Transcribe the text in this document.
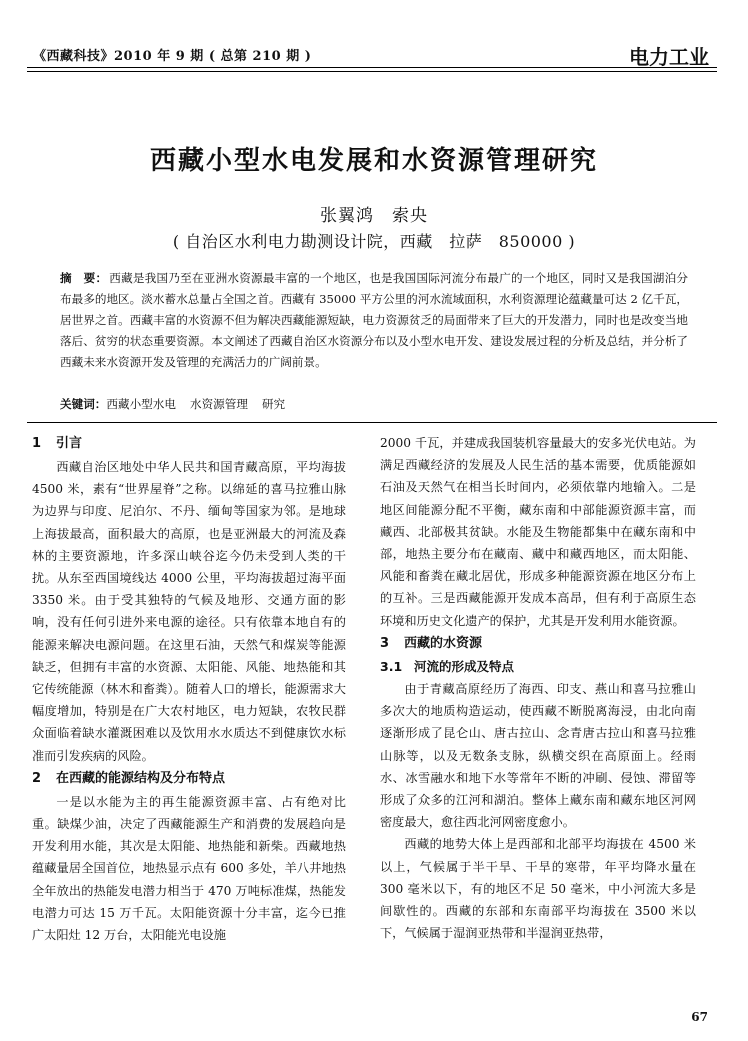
《西藏科技》2010 年 9 期 ( 总第 210 期 )	电力工业
西藏小型水电发展和水资源管理研究
张翼鸿　索央
( 自治区水利电力勘测设计院，西藏　拉萨　850000 )
摘　要： 西藏是我国乃至在亚洲水资源最丰富的一个地区，也是我国国际河流分布最广的一个地区，同时又是我国湖泊分布最多的地区。淡水蓄水总量占全国之首。西藏有 35000 平方公里的河水流域面积，水利资源理论蕴藏量可达 2 亿千瓦，居世界之首。西藏丰富的水资源不但为解决西藏能源短缺，电力资源贫乏的局面带来了巨大的开发潜力，同时也是改变当地落后、贫穷的状态重要资源。本文阐述了西藏自治区水资源分布以及小型水电开发、建设发展过程的分析及总结，并分析了西藏未来水资源开发及管理的充满活力的广阔前景。
关键词：西藏小型水电 水资源管理 研究
1 引言

西藏自治区地处中华人民共和国青藏高原，平均海拔 4500 米，素有“世界屋脊”之称。以绵延的喜马拉雅山脉为边界与印度、尼泊尔、不丹、缅甸等国家为邻。是地球上海拔最高，面积最大的高原，也是亚洲最大的河流及森林的主要资源地，许多深山峡谷迄今仍未受到人类的干扰。从东至西国境线达 4000 公里，平均海拔超过海平面 3350 米。由于受其独特的气候及地形、交通方面的影响，没有任何引进外来电源的途径。只有依靠本地自有的能源来解决电源问题。在这里石油，天然气和煤炭等能源缺乏，但拥有丰富的水资源、太阳能、风能、地热能和其它传统能源（林木和畜粪）。随着人口的增长，能源需求大幅度增加，特别是在广大农村地区，电力短缺，农牧民群众面临着缺水灌溉困难以及饮用水水质达不到健康饮水标准而引发疾病的风险。

2 在西藏的能源结构及分布特点

一是以水能为主的再生能源资源丰富、占有绝对比重。缺煤少油，决定了西藏能源生产和消费的发展趋向是开发利用水能，其次是太阳能、地热能和新柴。西藏地热蕴藏量居全国首位，地热显示点有 600 多处，羊八井地热全年放出的热能发电潜力相当于 470 万吨标准煤，热能发电潜力可达 15 万千瓦。太阳能资源十分丰富，迄今已推广太阳灶 12 万台，太阳能光电设施

2000 千瓦，并建成我国装机容量最大的安多光伏电站。为满足西藏经济的发展及人民生活的基本需要，优质能源如石油及天然气在相当长时间内，必须依靠内地输入。二是地区间能源分配不平衡，藏东南和中部能源资源丰富，而藏西、北部极其贫缺。水能及生物能都集中在藏东南和中部，地热主要分布在藏南、藏中和藏西地区，而太阳能、风能和畜粪在藏北居优，形成多种能源资源在地区分布上的互补。三是西藏能源开发成本高昂，但有利于高原生态环境和历史文化遗产的保护，尤其是开发利用水能资源。

3 西藏的水资源
3.1 河流的形成及特点

由于青藏高原经历了海西、印支、燕山和喜马拉雅山多次大的地质构造运动，使西藏不断脱离海浸，由北向南逐渐形成了昆仑山、唐古拉山、念青唐古拉山和喜马拉雅山脉等，以及无数条支脉，纵横交织在高原面上。经雨水、冰雪融水和地下水等常年不断的冲刷、侵蚀、滞留等形成了众多的江河和湖泊。整体上藏东南和藏东地区河网密度最大，愈往西北河网密度愈小。

西藏的地势大体上是西部和北部平均海拔在 4500 米以上，气候属于半干旱、干旱的寒带，年平均降水量在 300 毫米以下，有的地区不足 50 毫米，中小河流大多是间歇性的。西藏的东部和东南部平均海拔在 3500 米以下，气候属于湿润亚热带和半湿润亚热带，

67
